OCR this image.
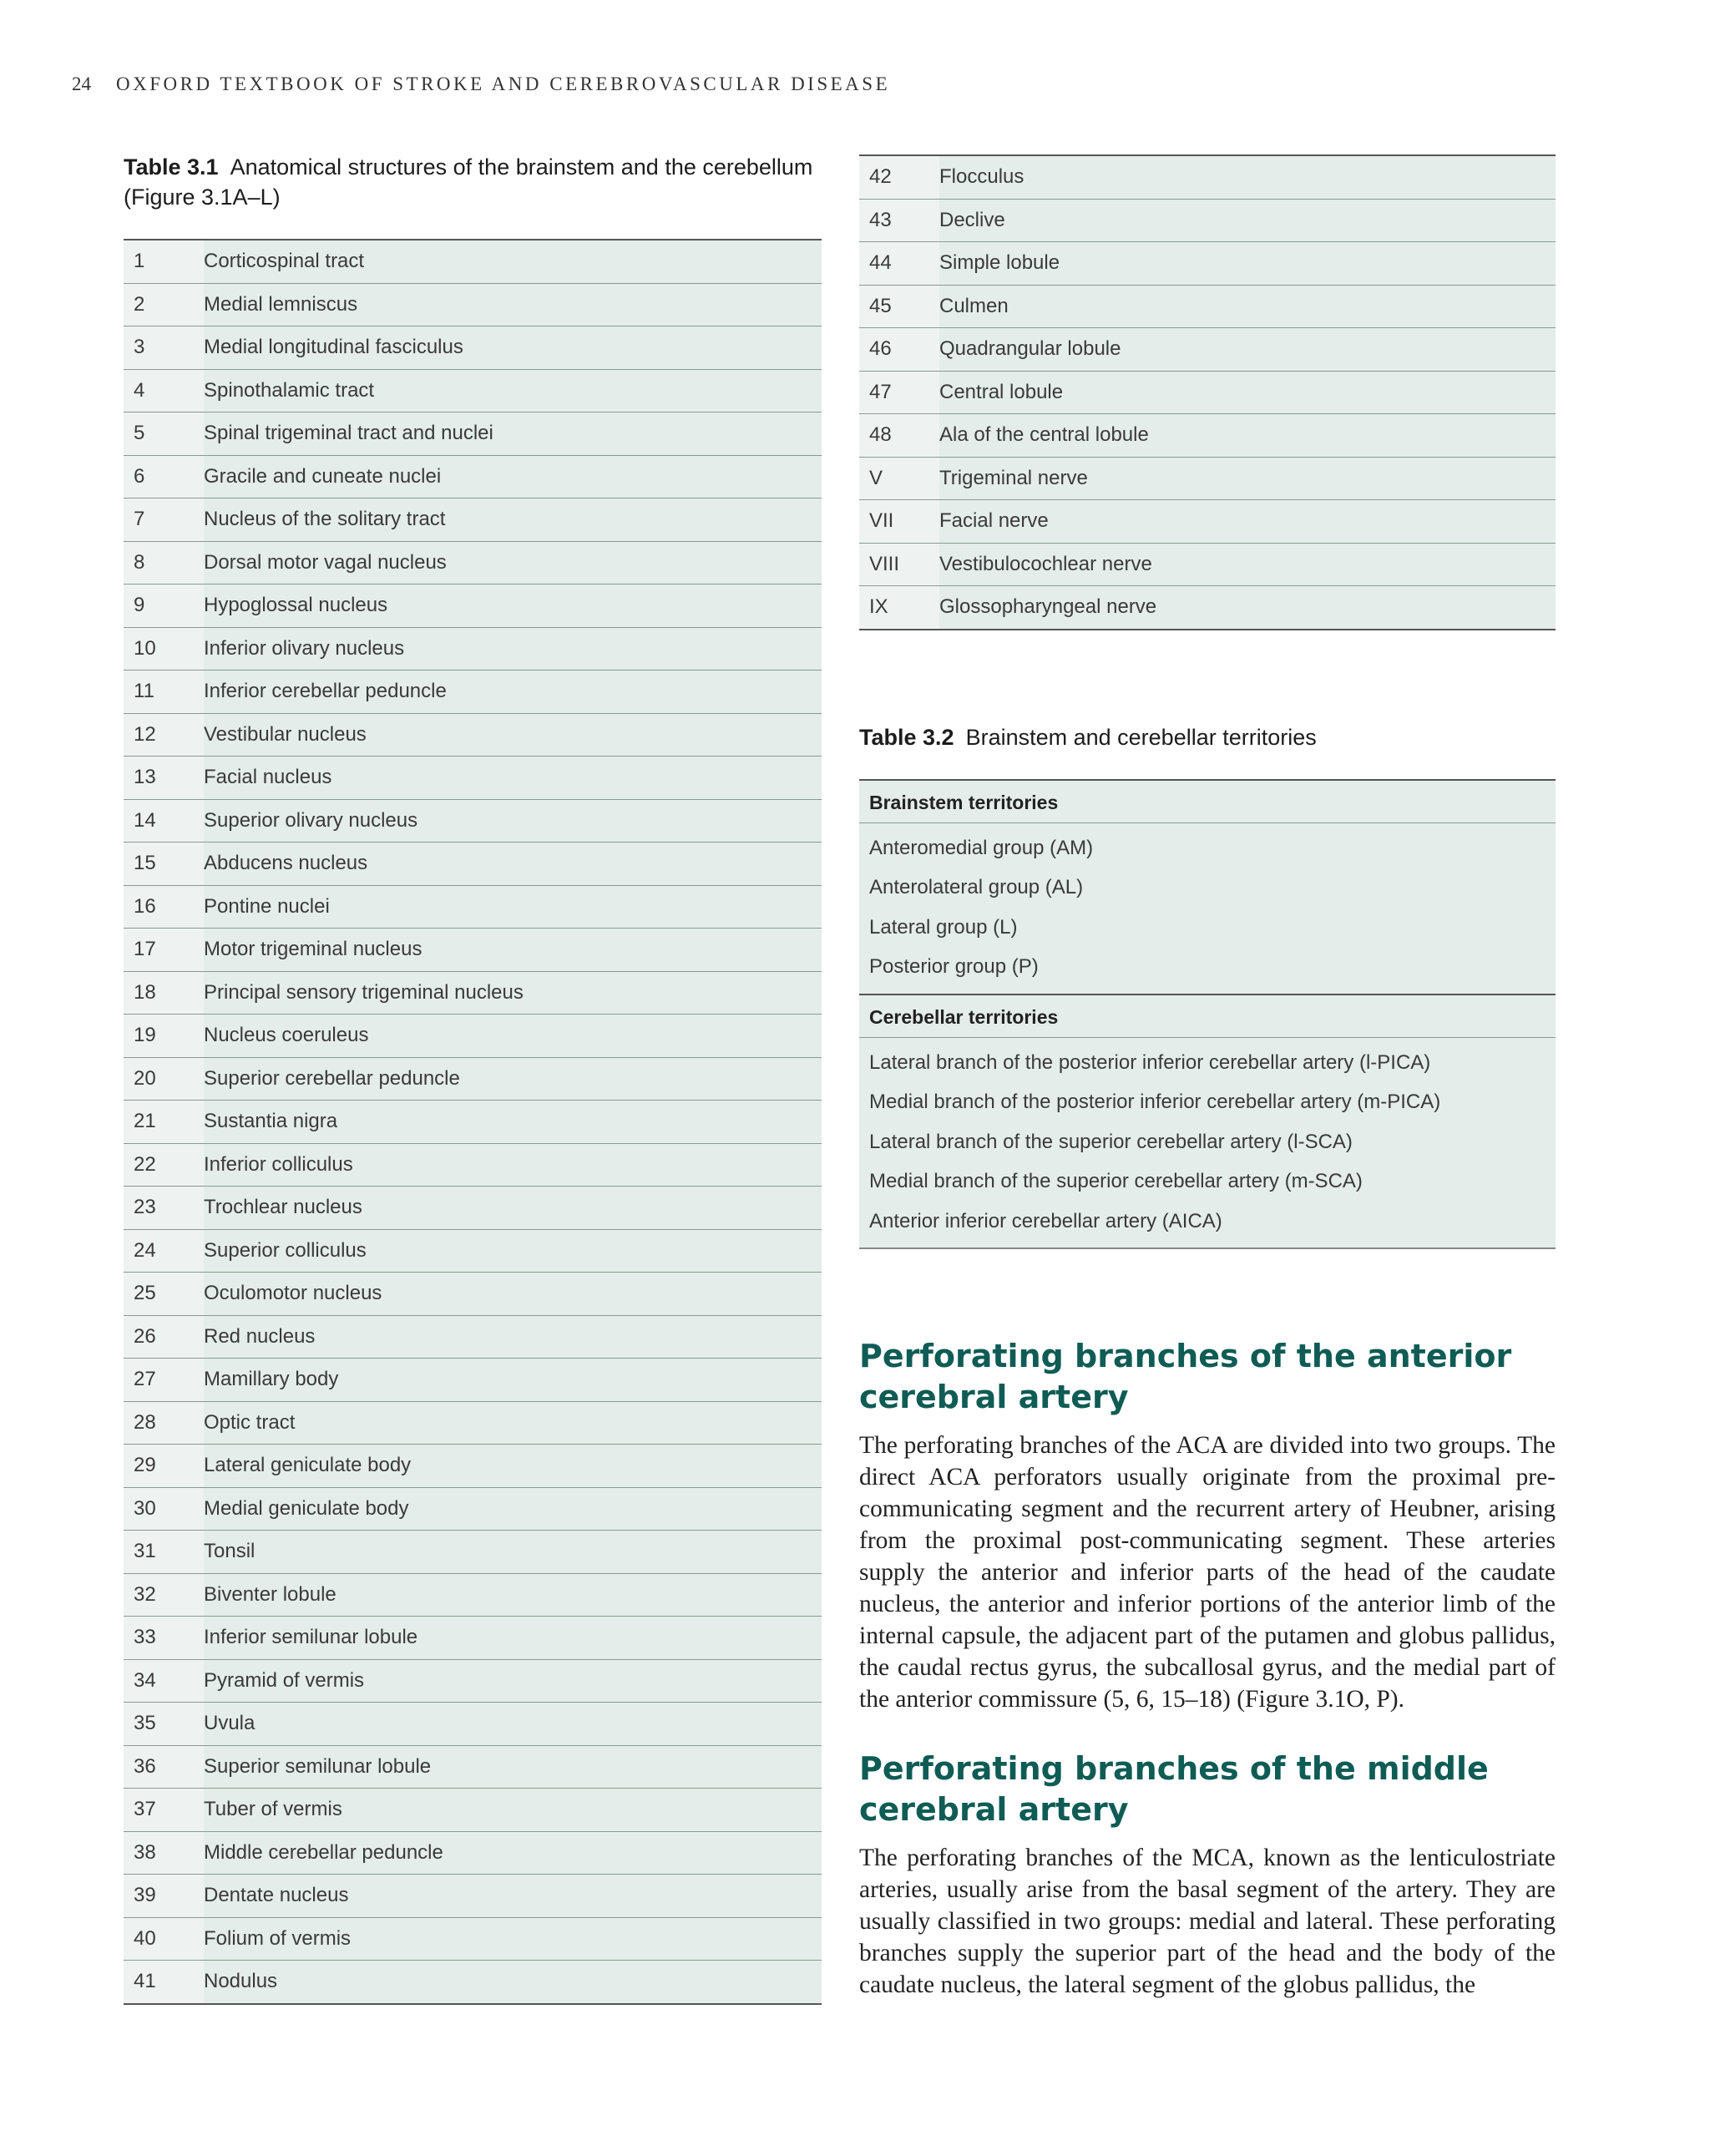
24 OXFORD TEXTBOOK OF STROKE AND CEREBROVASCULAR DISEASE
Table 3.1 Anatomical structures of the brainstem and the cerebellum (Figure 3.1A–L)
1	Corticospinal tract
2	Medial lemniscus
3	Medial longitudinal fasciculus
4	Spinothalamic tract
5	Spinal trigeminal tract and nuclei
6	Gracile and cuneate nuclei
7	Nucleus of the solitary tract
8	Dorsal motor vagal nucleus
9	Hypoglossal nucleus
10	Inferior olivary nucleus
11	Inferior cerebellar peduncle
12	Vestibular nucleus
13	Facial nucleus
14	Superior olivary nucleus
15	Abducens nucleus
16	Pontine nuclei
17	Motor trigeminal nucleus
18	Principal sensory trigeminal nucleus
19	Nucleus coeruleus
20	Superior cerebellar peduncle
21	Sustantia nigra
22	Inferior colliculus
23	Trochlear nucleus
24	Superior colliculus
25	Oculomotor nucleus
26	Red nucleus
27	Mamillary body
28	Optic tract
29	Lateral geniculate body
30	Medial geniculate body
31	Tonsil
32	Biventer lobule
33	Inferior semilunar lobule
34	Pyramid of vermis
35	Uvula
36	Superior semilunar lobule
37	Tuber of vermis
38	Middle cerebellar peduncle
39	Dentate nucleus
40	Folium of vermis
41	Nodulus
42	Flocculus
43	Declive
44	Simple lobule
45	Culmen
46	Quadrangular lobule
47	Central lobule
48	Ala of the central lobule
V	Trigeminal nerve
VII	Facial nerve
VIII	Vestibulocochlear nerve
IX	Glossopharyngeal nerve
Table 3.2 Brainstem and cerebellar territories
Brainstem territories
Anteromedial group (AM)
Anterolateral group (AL)
Lateral group (L)
Posterior group (P)
Cerebellar territories
Lateral branch of the posterior inferior cerebellar artery (l-PICA)
Medial branch of the posterior inferior cerebellar artery (m-PICA)
Lateral branch of the superior cerebellar artery (l-SCA)
Medial branch of the superior cerebellar artery (m-SCA)
Anterior inferior cerebellar artery (AICA)
Perforating branches of the anterior cerebral artery

The perforating branches of the ACA are divided into two groups. The direct ACA perforators usually originate from the proximal pre-communicating segment and the recurrent artery of Heubner, arising from the proximal post-communicating segment. These arteries supply the anterior and inferior parts of the head of the caudate nucleus, the anterior and inferior portions of the anterior limb of the internal capsule, the adjacent part of the putamen and globus pallidus, the caudal rectus gyrus, the subcallosal gyrus, and the medial part of the anterior commissure (5, 6, 15–18) (Figure 3.1O, P).

Perforating branches of the middle cerebral artery

The perforating branches of the MCA, known as the lenticulostriate arteries, usually arise from the basal segment of the artery. They are usually classified in two groups: medial and lateral. These perforating branches supply the superior part of the head and the body of the caudate nucleus, the lateral segment of the globus pallidus, the
